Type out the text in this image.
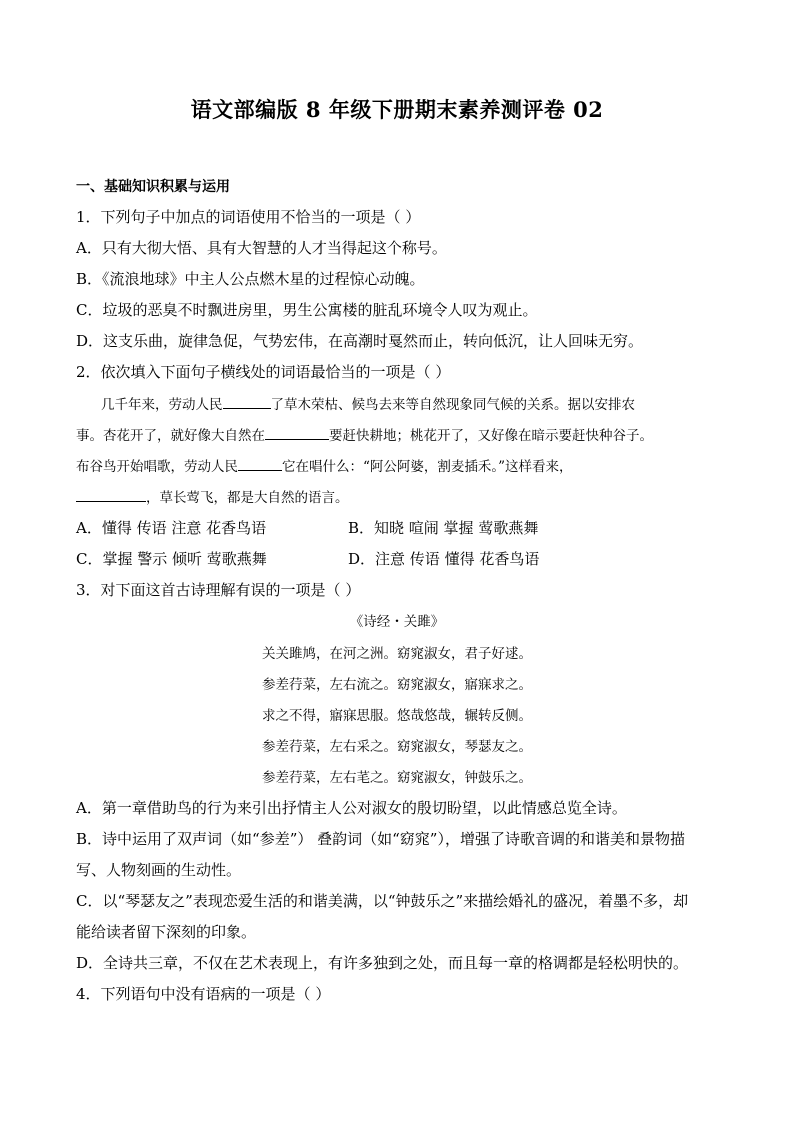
语文部编版 8 年级下册期末素养测评卷 02
一、基础知识积累与运用
1．下列句子中加点的词语使用不恰当的一项是（ ）
A．只有大彻大悟、具有大智慧的人才当得起这个称号。
B．《流浪地球》中主人公点燃木星的过程惊心动魄。
C．垃圾的恶臭不时飘进房里，男生公寓楼的脏乱环境令人叹为观止。
D．这支乐曲，旋律急促，气势宏伟，在高潮时戛然而止，转向低沉，让人回味无穷。
2．依次填入下面句子横线处的词语最恰当的一项是（ ）
几千年来，劳动人民	了草木荣枯、候鸟去来等自然现象同气候的关系。据以安排农
事。杏花开了，就好像大自然在	要赶快耕地；桃花开了，又好像在暗示要赶快种谷子。
布谷鸟开始唱歌，劳动人民	它在唱什么：“阿公阿婆，割麦插禾。”这样看来，
，草长莺飞，都是大自然的语言。
A．懂得 传语 注意 花香鸟语	B．知晓 喧闹 掌握 莺歌燕舞
C．掌握 警示 倾听 莺歌燕舞	D．注意 传语 懂得 花香鸟语
3．对下面这首古诗理解有误的一项是（ ）
《诗经・关雎》
关关雎鸠，在河之洲。窈窕淑女，君子好逑。
参差荇菜，左右流之。窈窕淑女，寤寐求之。
求之不得，寤寐思服。悠哉悠哉，辗转反侧。
参差荇菜，左右采之。窈窕淑女，琴瑟友之。
参差荇菜，左右芼之。窈窕淑女，钟鼓乐之。
A．第一章借助鸟的行为来引出抒情主人公对淑女的殷切盼望，以此情感总览全诗。
B．诗中运用了双声词（如“参差”） 叠韵词（如“窈窕”），增强了诗歌音调的和谐美和景物描
写、人物刻画的生动性。
C．以“琴瑟友之”表现恋爱生活的和谐美满，以“钟鼓乐之”来描绘婚礼的盛况，着墨不多，却
能给读者留下深刻的印象。
D．全诗共三章，不仅在艺术表现上，有许多独到之处，而且每一章的格调都是轻松明快的。
4．下列语句中没有语病的一项是（ ）
